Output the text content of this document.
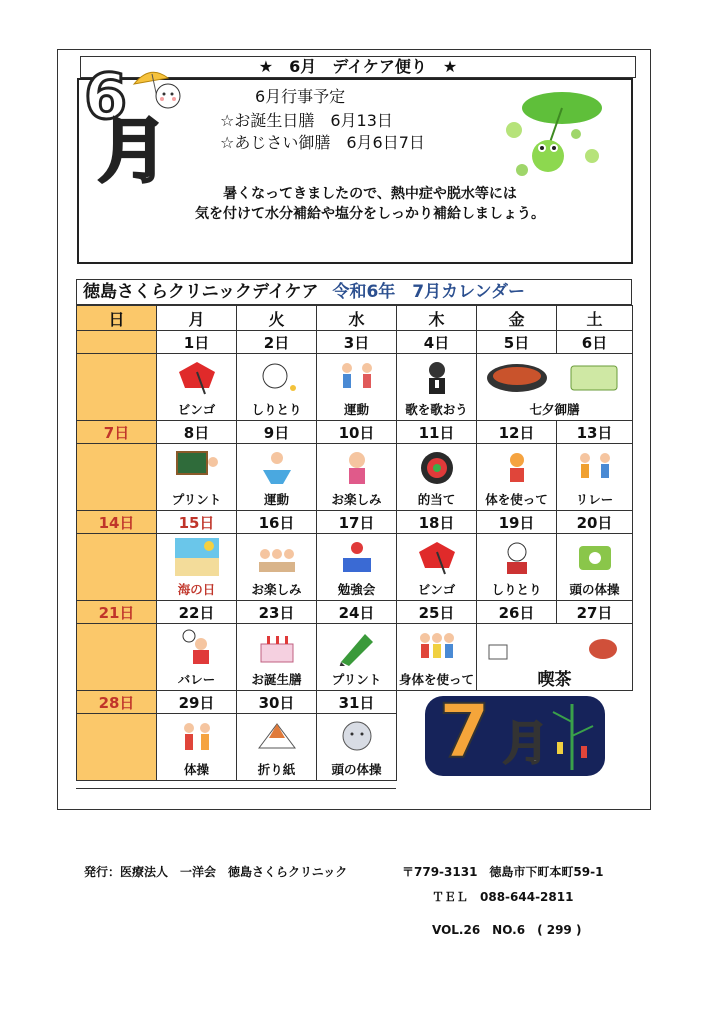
★　6月　デイケア便り　★
6
月
6月行事予定
☆お誕生日膳　6月13日
☆あじさい御膳　6月6日7日
暑くなってきましたので、熱中症や脱水等には
気を付けて水分補給や塩分をしっかり補給しましょう。
徳島さくらクリニックデイケア 令和6年　7月カレンダー
日	月	火	水	木	金	土
	1日	2日	3日	4日	5日	6日

	ビンゴ	しりとり	運動	歌を歌おう	七夕御膳	

7日	8日	9日	10日	11日	12日	13日

	プリント	運動	お楽しみ	的当て	体を使って	リレー

14日	15日	16日	17日	18日	19日	20日

	海の日	お楽しみ	勉強会	ビンゴ	しりとり	頭の体操

21日	22日	23日	24日	25日	26日	27日

	バレー	お誕生膳	プリント	身体を使って	喫茶	

28日	29日	30日	31日	7 月		

	体操	折り紙	頭の体操			
発行：医療法人　一洋会　徳島さくらクリニック	〒779-3131　徳島市下町本町59-1
ＴＥＬ　088-644-2811
VOL.26　NO.6　( 299 )
